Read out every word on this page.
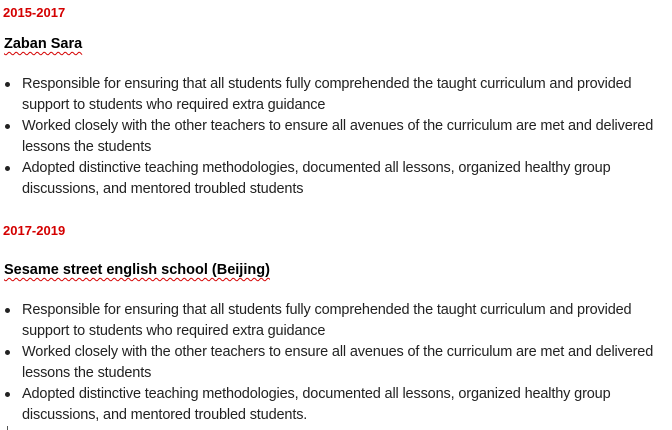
2015-2017

Zaban Sara

Responsible for ensuring that all students fully comprehended the taught curriculum and provided support to students who required extra guidance
Worked closely with the other teachers to ensure all avenues of the curriculum are met and delivered lessons the students
Adopted distinctive teaching methodologies, documented all lessons, organized healthy group discussions, and mentored troubled students

2017-2019

Sesame street english school (Beijing)

Responsible for ensuring that all students fully comprehended the taught curriculum and provided support to students who required extra guidance
Worked closely with the other teachers to ensure all avenues of the curriculum are met and delivered lessons the students
Adopted distinctive teaching methodologies, documented all lessons, organized healthy group discussions, and mentored troubled students.
